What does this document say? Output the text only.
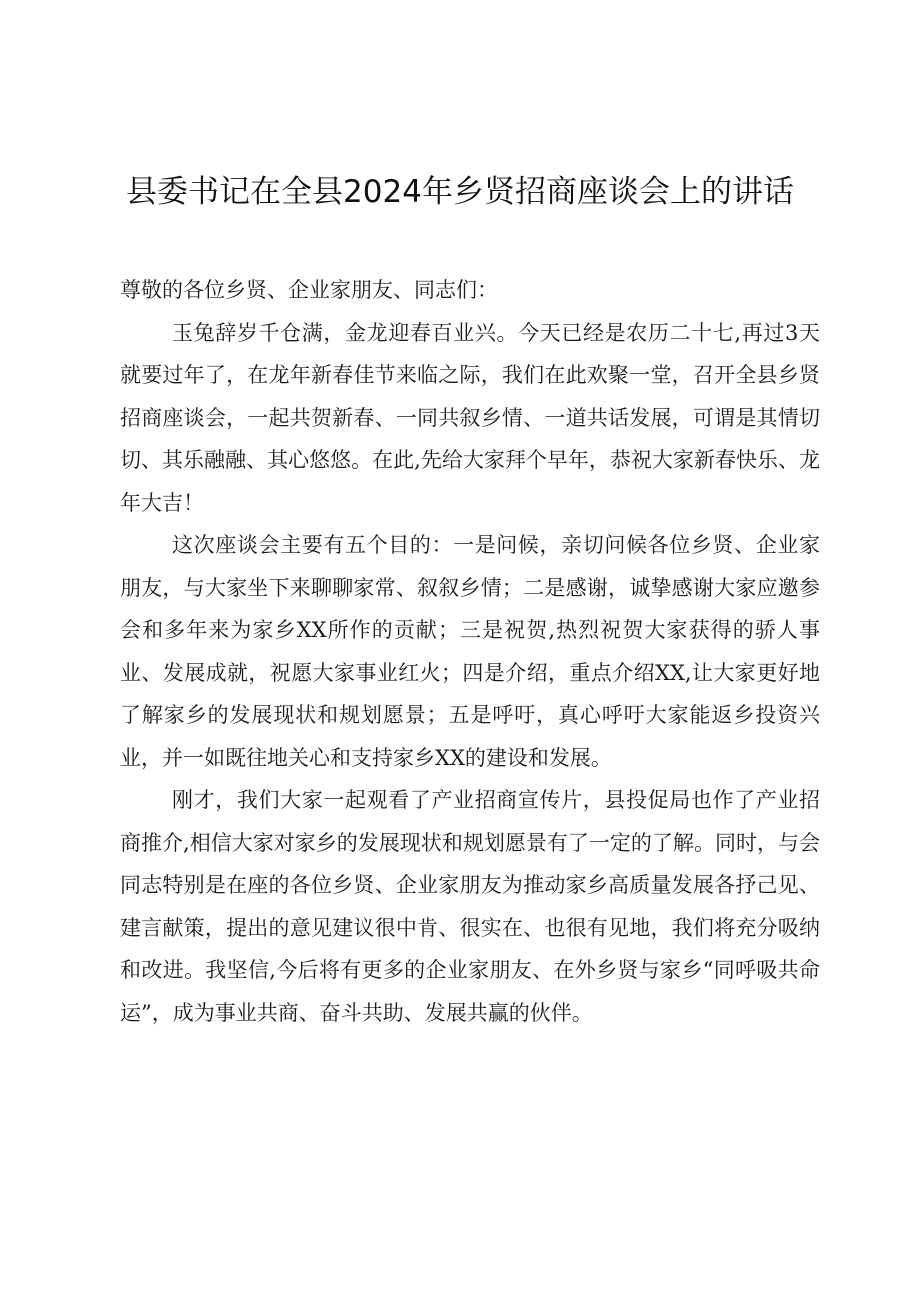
县委书记在全县2024年乡贤招商座谈会上的讲话

尊敬的各位乡贤、企业家朋友、同志们：

玉兔辞岁千仓满，金龙迎春百业兴。今天已经是农历二十七,再过3天就要过年了，在龙年新春佳节来临之际，我们在此欢聚一堂，召开全县乡贤招商座谈会，一起共贺新春、一同共叙乡情、一道共话发展，可谓是其情切切、其乐融融、其心悠悠。在此,先给大家拜个早年，恭祝大家新春快乐、龙年大吉！

这次座谈会主要有五个目的：一是问候，亲切问候各位乡贤、企业家朋友，与大家坐下来聊聊家常、叙叙乡情；二是感谢，诚挚感谢大家应邀参会和多年来为家乡XX所作的贡献；三是祝贺,热烈祝贺大家获得的骄人事业、发展成就，祝愿大家事业红火；四是介绍，重点介绍XX,让大家更好地了解家乡的发展现状和规划愿景；五是呼吁，真心呼吁大家能返乡投资兴业，并一如既往地关心和支持家乡XX的建设和发展。

刚才，我们大家一起观看了产业招商宣传片，县投促局也作了产业招商推介,相信大家对家乡的发展现状和规划愿景有了一定的了解。同时，与会同志特别是在座的各位乡贤、企业家朋友为推动家乡高质量发展各抒己见、建言献策，提出的意见建议很中肯、很实在、也很有见地，我们将充分吸纳和改进。我坚信,今后将有更多的企业家朋友、在外乡贤与家乡“同呼吸共命运”，成为事业共商、奋斗共助、发展共赢的伙伴。
